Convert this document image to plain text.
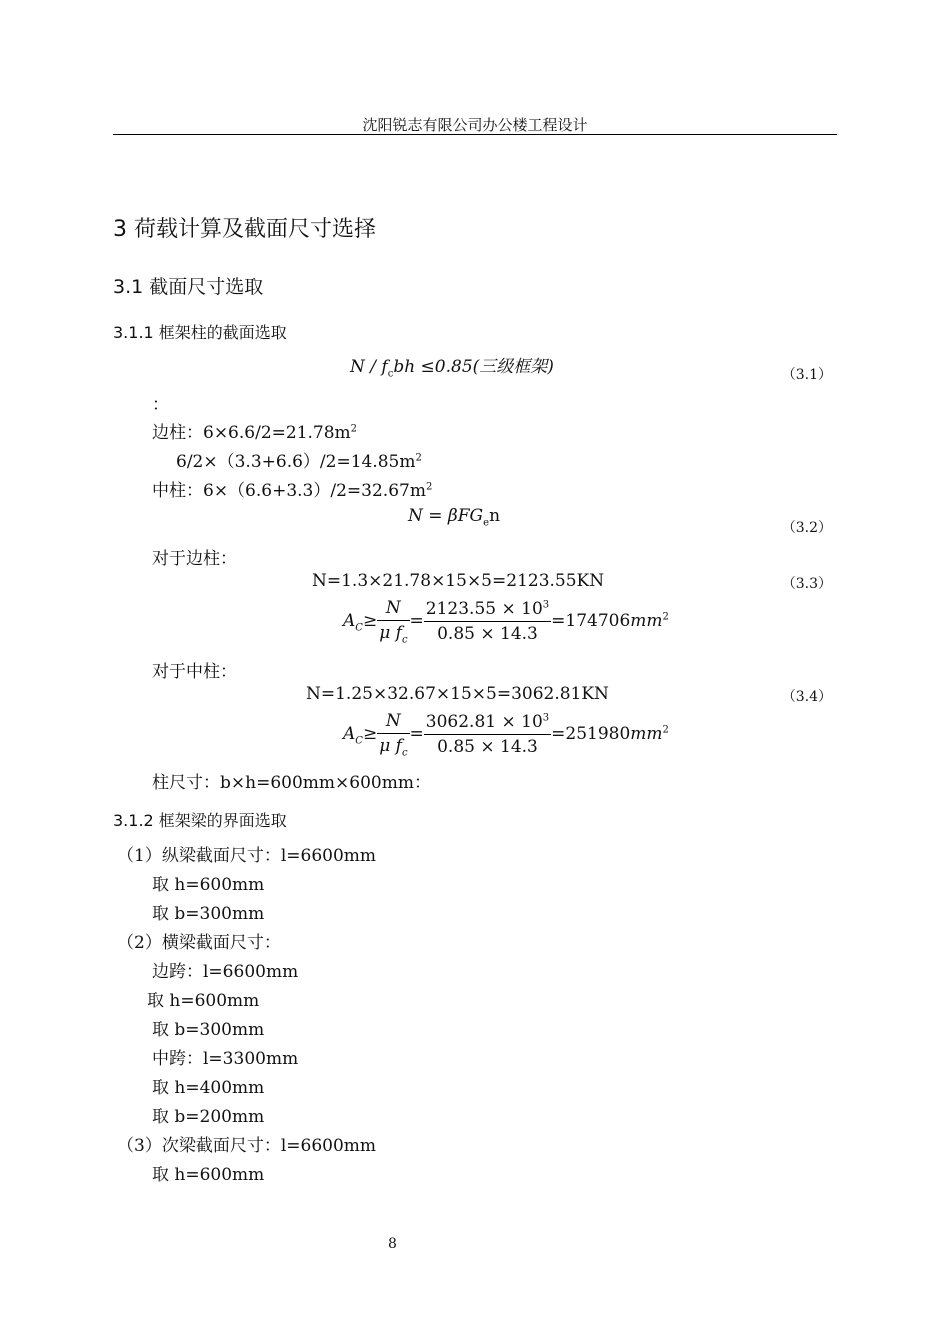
沈阳锐志有限公司办公楼工程设计
3 荷载计算及截面尺寸选择
3.1 截面尺寸选取
3.1.1 框架柱的截面选取
$N / f_cbh \le 0.85$(三级框架)	（3.1）
：
边柱：$6\times 6.6/2=21.78m^2$
$6/2\times(3.3+6.6)/2=14.85m^2$
中柱：$6\times(6.6+3.3)/2=32.67m^2$
N = βFG$_e$n
（3.2）
对于边柱：
N=1.3×21.78×15×5=2123.55KN	（3.3）
$A_C\ge \frac{N}{\mu f_c} = \frac{2123.55 \times 10^3}{0.85 \times 14.3} =174706mm^2$
对于中柱：
N=1.25×32.67×15×5=3062.81KN	（3.4）
$A_C\ge \frac{N}{\mu f_c} = \frac{3062.81 \times 10^3}{0.85 \times 14.3} =251980mm^2$
柱尺寸：b×h=600mm×600mm：
3.1.2 框架梁的界面选取
（1）纵梁截面尺寸：l=6600mm
取 h=600mm
取 b=300mm
（2）横梁截面尺寸：
边跨：l=6600mm
取 h=600mm
取 b=300mm
中跨：l=3300mm
取 h=400mm
取 b=200mm
（3）次梁截面尺寸：l=6600mm
取 h=600mm
8
